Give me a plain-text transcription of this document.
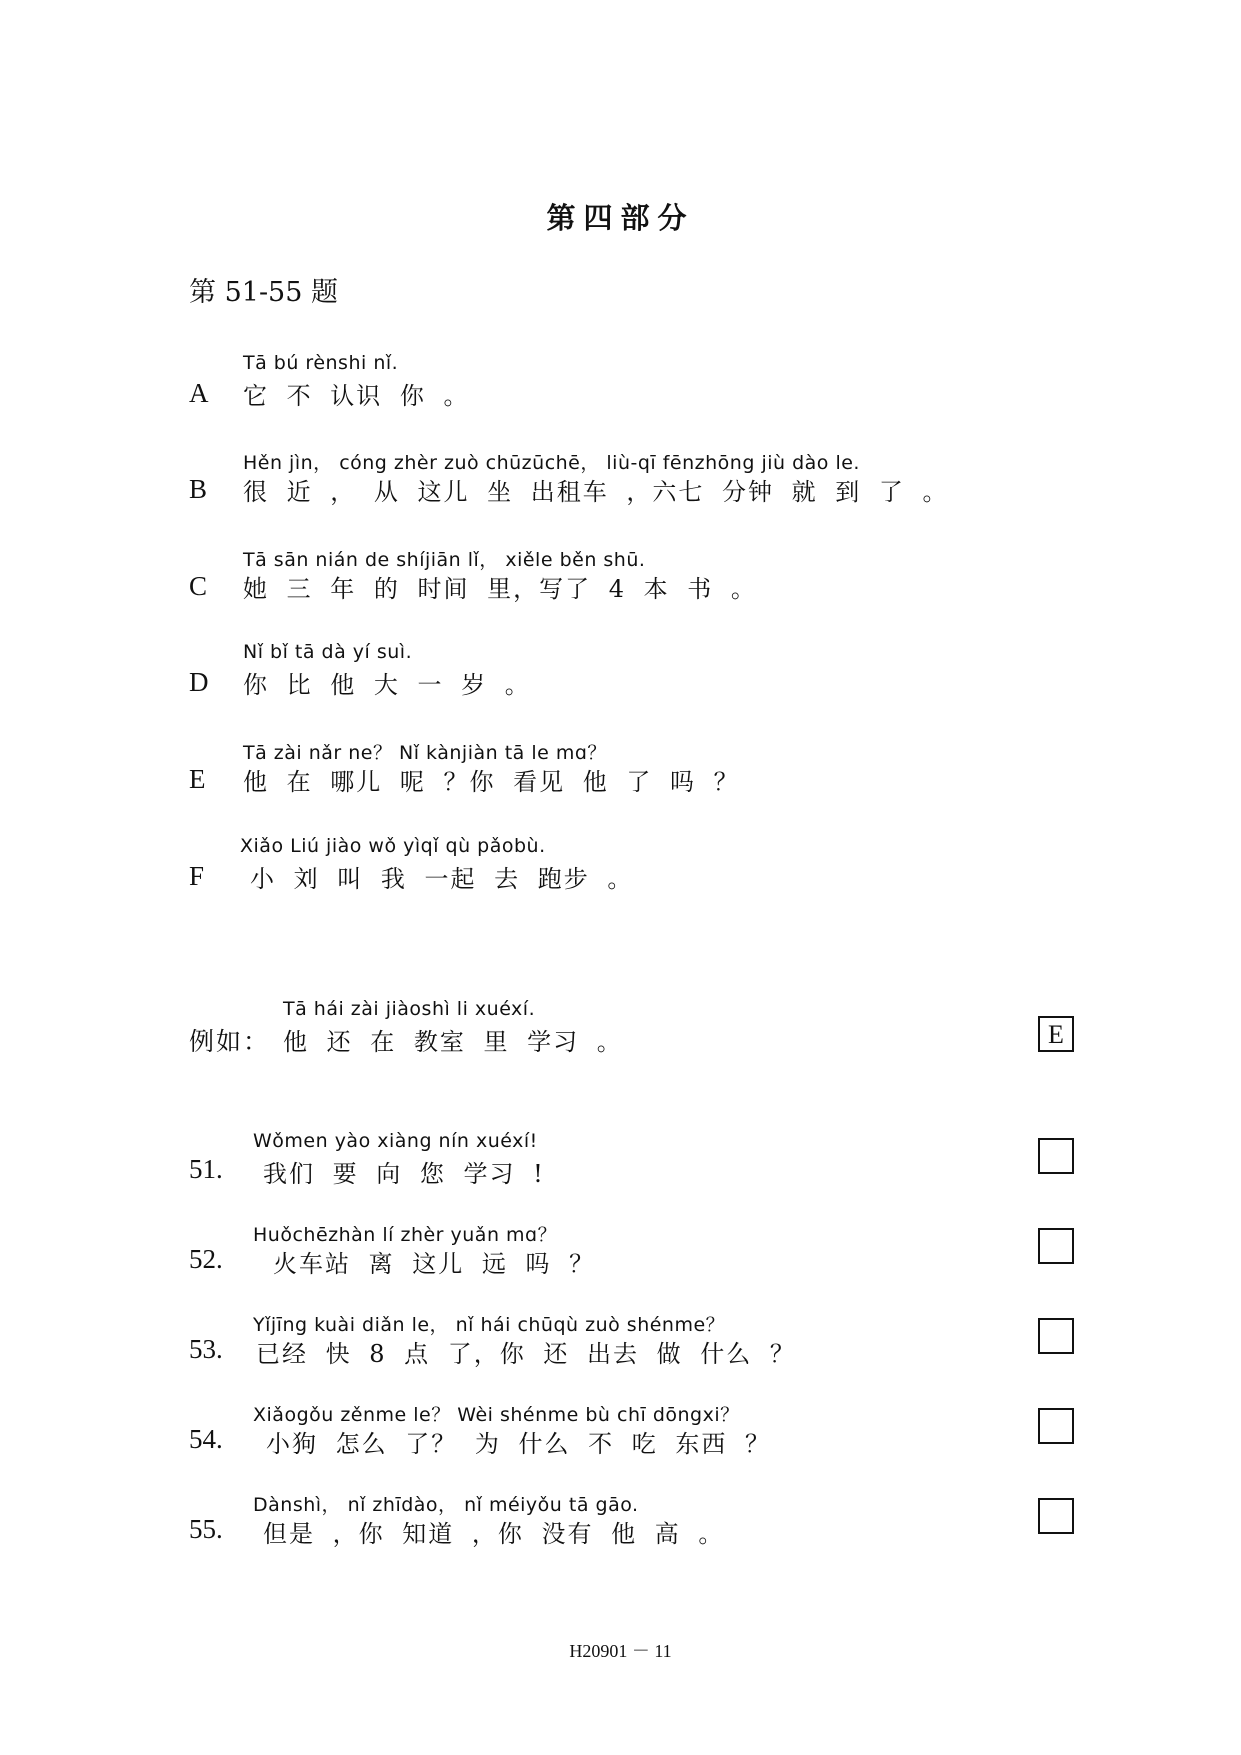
第四部分
第 51-55 题
Tā bú rènshi nǐ.
A 它 不 认识 你 。
Hěn jìn， cóng zhèr zuò chūzūchē， liù-qī fēnzhōng jiù dào le.
B 很 近 ， 从 这儿 坐 出租车 ，六七 分钟 就 到 了 。
Tā sān nián de shíjiān lǐ， xiěle běn shū.
C 她 三 年 的 时间 里，写了 4 本 书 。
Nǐ bǐ tā dà yí suì.
D 你 比 他 大 一 岁 。
Tā zài nǎr ne？ Nǐ kànjiàn tā le mɑ？
E 他 在 哪儿 呢 ？你 看见 他 了 吗 ？
Xiǎo Liú jiào wǒ yìqǐ qù pǎobù.
F 小 刘 叫 我 一起 去 跑步 。
Tā hái zài jiàoshì li xuéxí.
例如： 他 还 在 教室 里 学习 。	E
Wǒmen yào xiàng nín xuéxí!
51. 我们 要 向 您 学习 !
Huǒchēzhàn lí zhèr yuǎn mɑ？
52. 火车站 离 这儿 远 吗 ？
Yǐjīng kuài diǎn le， nǐ hái chūqù zuò shénme？
53. 已经 快 8 点 了，你 还 出去 做 什么 ？
Xiǎogǒu zěnme le？ Wèi shénme bù chī dōngxi？
54. 小狗 怎么 了？ 为 什么 不 吃 东西 ？
Dànshì， nǐ zhīdào， nǐ méiyǒu tā gāo.
55. 但是 ，你 知道 ，你 没有 他 高 。
H20901 － 11
